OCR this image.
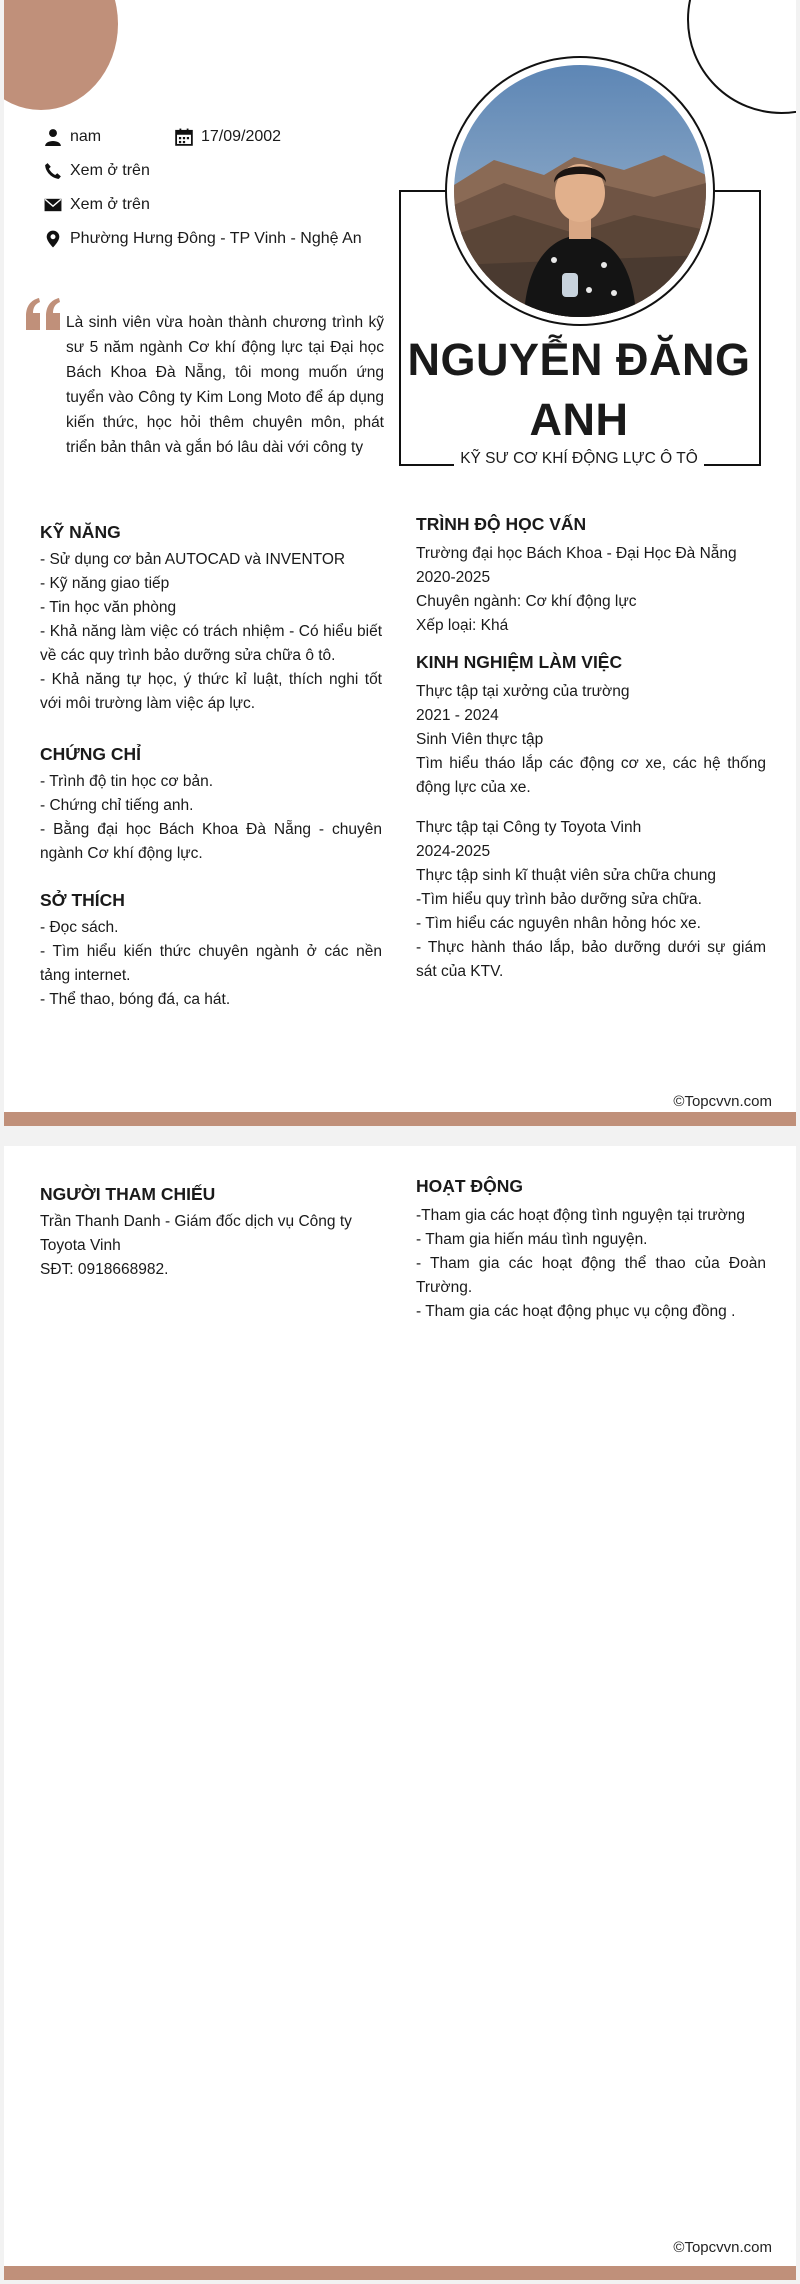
nam	17/09/2002
Xem ở trên
Xem ở trên
Phường Hưng Đông - TP Vinh - Nghệ An
Là sinh viên vừa hoàn thành chương trình kỹ sư 5 năm ngành Cơ khí động lực tại Đại học Bách Khoa Đà Nẵng, tôi mong muốn ứng tuyển vào Công ty Kim Long Moto để áp dụng kiến thức, học hỏi thêm chuyên môn, phát triển bản thân và gắn bó lâu dài với công ty
NGUYỄN ĐĂNG
ANH
KỸ SƯ CƠ KHÍ ĐỘNG LỰC Ô TÔ
KỸ NĂNG

- Sử dụng cơ bản AUTOCAD và INVENTOR

- Kỹ năng giao tiếp

- Tin học văn phòng

- Khả năng làm việc có trách nhiệm - Có hiểu biết về các quy trình bảo dưỡng sửa chữa ô tô.

- Khả năng tự học, ý thức kỉ luật, thích nghi tốt với môi trường làm việc áp lực.

CHỨNG CHỈ

- Trình độ tin học cơ bản.

- Chứng chỉ tiếng anh.

- Bằng đại học Bách Khoa Đà Nẵng - chuyên ngành Cơ khí động lực.

SỞ THÍCH

- Đọc sách.

- Tìm hiểu kiến thức chuyên ngành ở các nền tảng internet.

- Thể thao, bóng đá, ca hát.

TRÌNH ĐỘ HỌC VẤN

Trường đại học Bách Khoa - Đại Học Đà Nẵng

2020-2025

Chuyên ngành: Cơ khí động lực

Xếp loại: Khá

KINH NGHIỆM LÀM VIỆC

Thực tập tại xưởng của trường

2021 - 2024

Sinh Viên thực tập

Tìm hiểu tháo lắp các động cơ xe, các hệ thống động lực của xe.

Thực tập tại Công ty Toyota Vinh

2024-2025

Thực tập sinh kĩ thuật viên sửa chữa chung

-Tìm hiểu quy trình bảo dưỡng sửa chữa.

- Tìm hiểu các nguyên nhân hỏng hóc xe.

- Thực hành tháo lắp, bảo dưỡng dưới sự giám sát của KTV.

©Topcvvn.com
NGƯỜI THAM CHIẾU

Trần Thanh Danh - Giám đốc dịch vụ Công ty Toyota Vinh

SĐT: 0918668982.

HOẠT ĐỘNG

-Tham gia các hoạt động tình nguyện tại trường

- Tham gia hiến máu tình nguyện.

- Tham gia các hoạt động thể thao của Đoàn Trường.

- Tham gia các hoạt động phục vụ cộng đồng .

©Topcvvn.com
